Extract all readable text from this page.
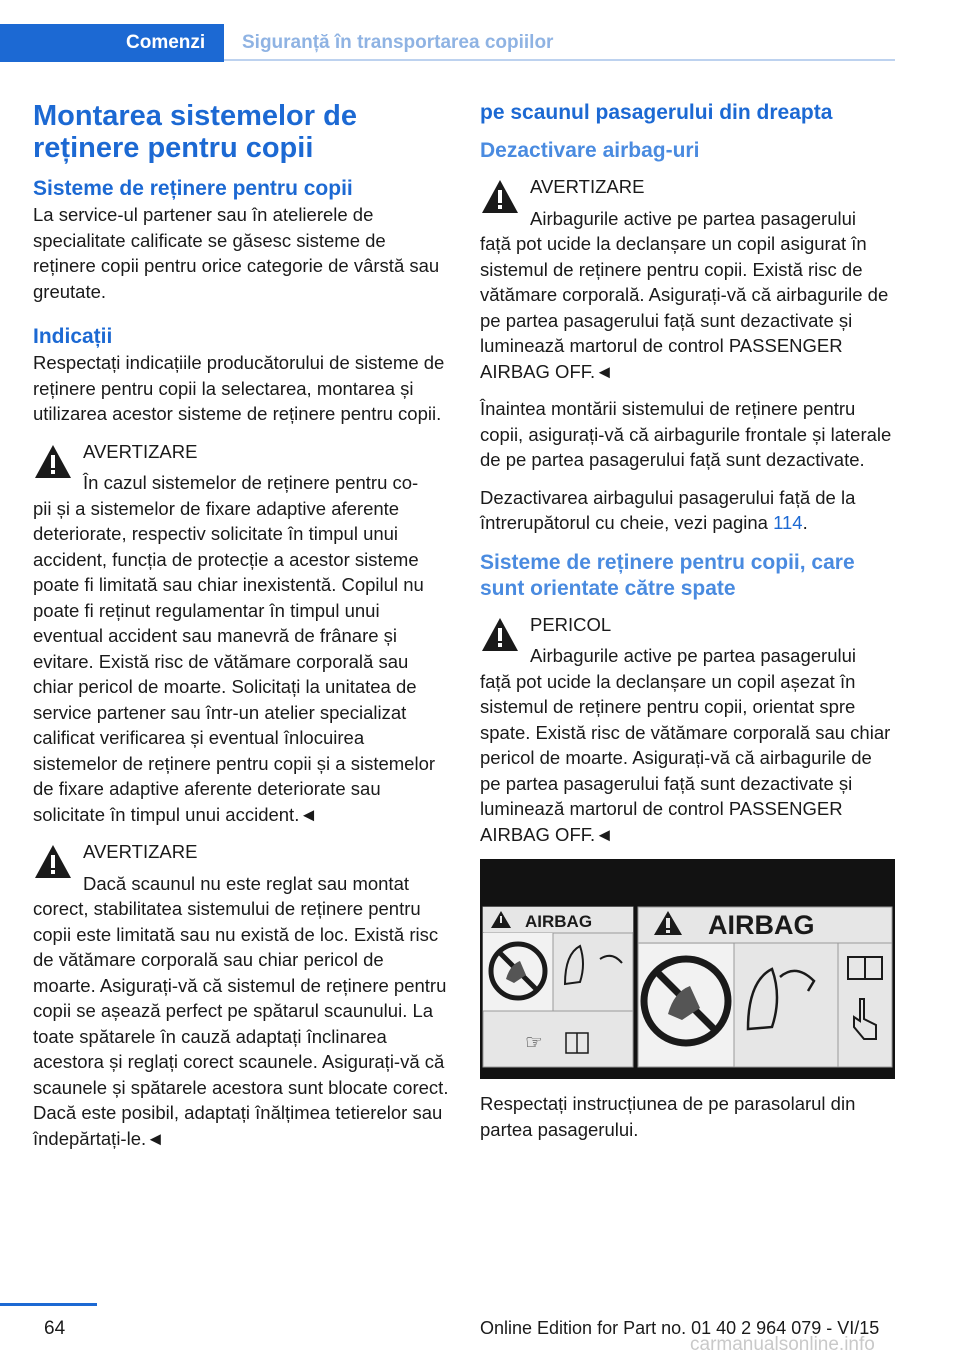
Comenzi	Siguranță în transportarea copiilor
Montarea sistemelor de reținere pentru copii
Sisteme de reținere pentru copii

La service-ul partener sau în atelierele de specialitate calificate se găsesc sisteme de reținere copii pentru orice categorie de vârstă sau greutate.

Indicații

Respectați indicațiile producătorului de sisteme de reținere pentru copii la selectarea, montarea și utilizarea acestor sisteme de reținere pentru copii.

AVERTIZARE
În cazul sistemelor de reținere pentru co-
pii și a sistemelor de fixare adaptive aferente deteriorate, respectiv solicitate în timpul unui accident, funcția de protecție a acestor sisteme poate fi limitată sau chiar inexistentă. Copilul nu poate fi reținut regulamentar în timpul unui eventual accident sau manevră de frânare și evitare. Există risc de vătămare corporală sau chiar pericol de moarte. Solicitați la unitatea de service partener sau într-un atelier specializat calificat verificarea și eventual înlocuirea sistemelor de reținere pentru copii și a sistemelor de fixare adaptive aferente deteriorate sau solicitate în timpul unui accident.◄
AVERTIZARE
Dacă scaunul nu este reglat sau montat
corect, stabilitatea sistemului de reținere pentru copii este limitată sau nu există de loc. Există risc de vătămare corporală sau chiar pericol de moarte. Asigurați-vă că sistemul de reținere pentru copii se așează perfect pe spătarul scaunului. La toate spătarele în cauză adaptați înclinarea acestora și reglați corect scaunele. Asigurați-vă că scaunele și spătarele acestora sunt blocate corect. Dacă este posibil, adaptați înălțimea tetierelor sau îndepărtați-le.◄
pe scaunul pasagerului din dreapta
Dezactivare airbag-uri
AVERTIZARE
Airbagurile active pe partea pasagerului
față pot ucide la declanșare un copil asigurat în sistemul de reținere pentru copii. Există risc de vătămare corporală. Asigurați-vă că airbagurile de pe partea pasagerului față sunt dezactivate și luminează martorul de control PASSENGER AIRBAG OFF.◄

Înaintea montării sistemului de reținere pentru copii, asigurați-vă că airbagurile frontale și laterale de pe partea pasagerului față sunt dezactivate.

Dezactivarea airbagului pasagerului față de la întrerupătorul cu cheie, vezi pagina 114.

Sisteme de reținere pentru copii, care sunt orientate către spate
PERICOL
Airbagurile active pe partea pasagerului
față pot ucide la declanșare un copil așezat în sistemul de reținere pentru copii, orientat spre spate. Există risc de vătămare corporală sau chiar pericol de moarte. Asigurați-vă că airbagurile de pe partea pasagerului față sunt dezactivate și luminează martorul de control PASSENGER AIRBAG OFF.◄
AIRBAG
☞
AIRBAG

Respectați instrucțiunea de pe parasolarul din partea pasagerului.

64	Online Edition for Part no. 01 40 2 964 079 - VI/15
carmanualsonline.info
